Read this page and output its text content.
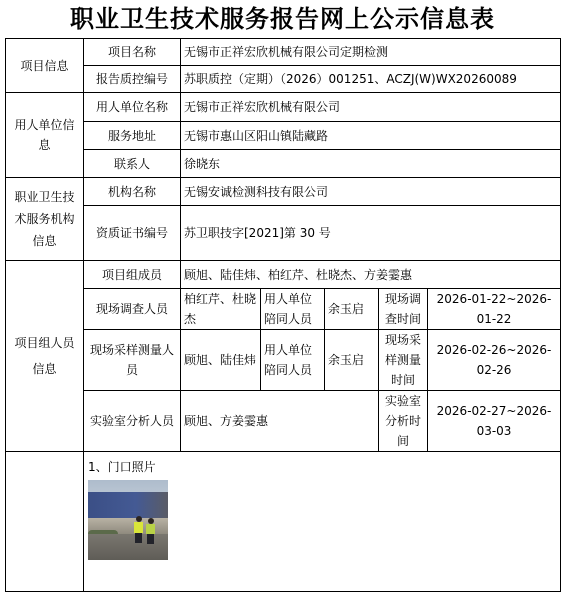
职业卫生技术服务报告网上公示信息表
项目信息	项目名称	无锡市正祥宏欣机械有限公司定期检测				
	报告质控编号	苏职质控（定期）（2026）001251、ACZJ(W)WX20260089				
用人单位信息	用人单位名称	无锡市正祥宏欣机械有限公司				
	服务地址	无锡市惠山区阳山镇陆藏路				
	联系人	徐晓东				
职业卫生技术服务机构信息	机构名称	无锡安诚检测科技有限公司				
	资质证书编号	苏卫职技字[2021]第 30 号				
项目组人员信息	项目组成员	顾旭、陆佳炜、柏红芹、杜晓杰、方姜霎惠				
	现场调查人员	柏红芹、杜晓杰	用人单位陪同人员	余玉启	现场调查时间	2026-01-22~2026-01-22
	现场采样测量人员	顾旭、陆佳炜	用人单位陪同人员	余玉启	现场采样测量时间	2026-02-26~2026-02-26
	实验室分析人员	顾旭、方姜霎惠			实验室分析时间	2026-02-27~2026-03-03

	1、门口照片					
